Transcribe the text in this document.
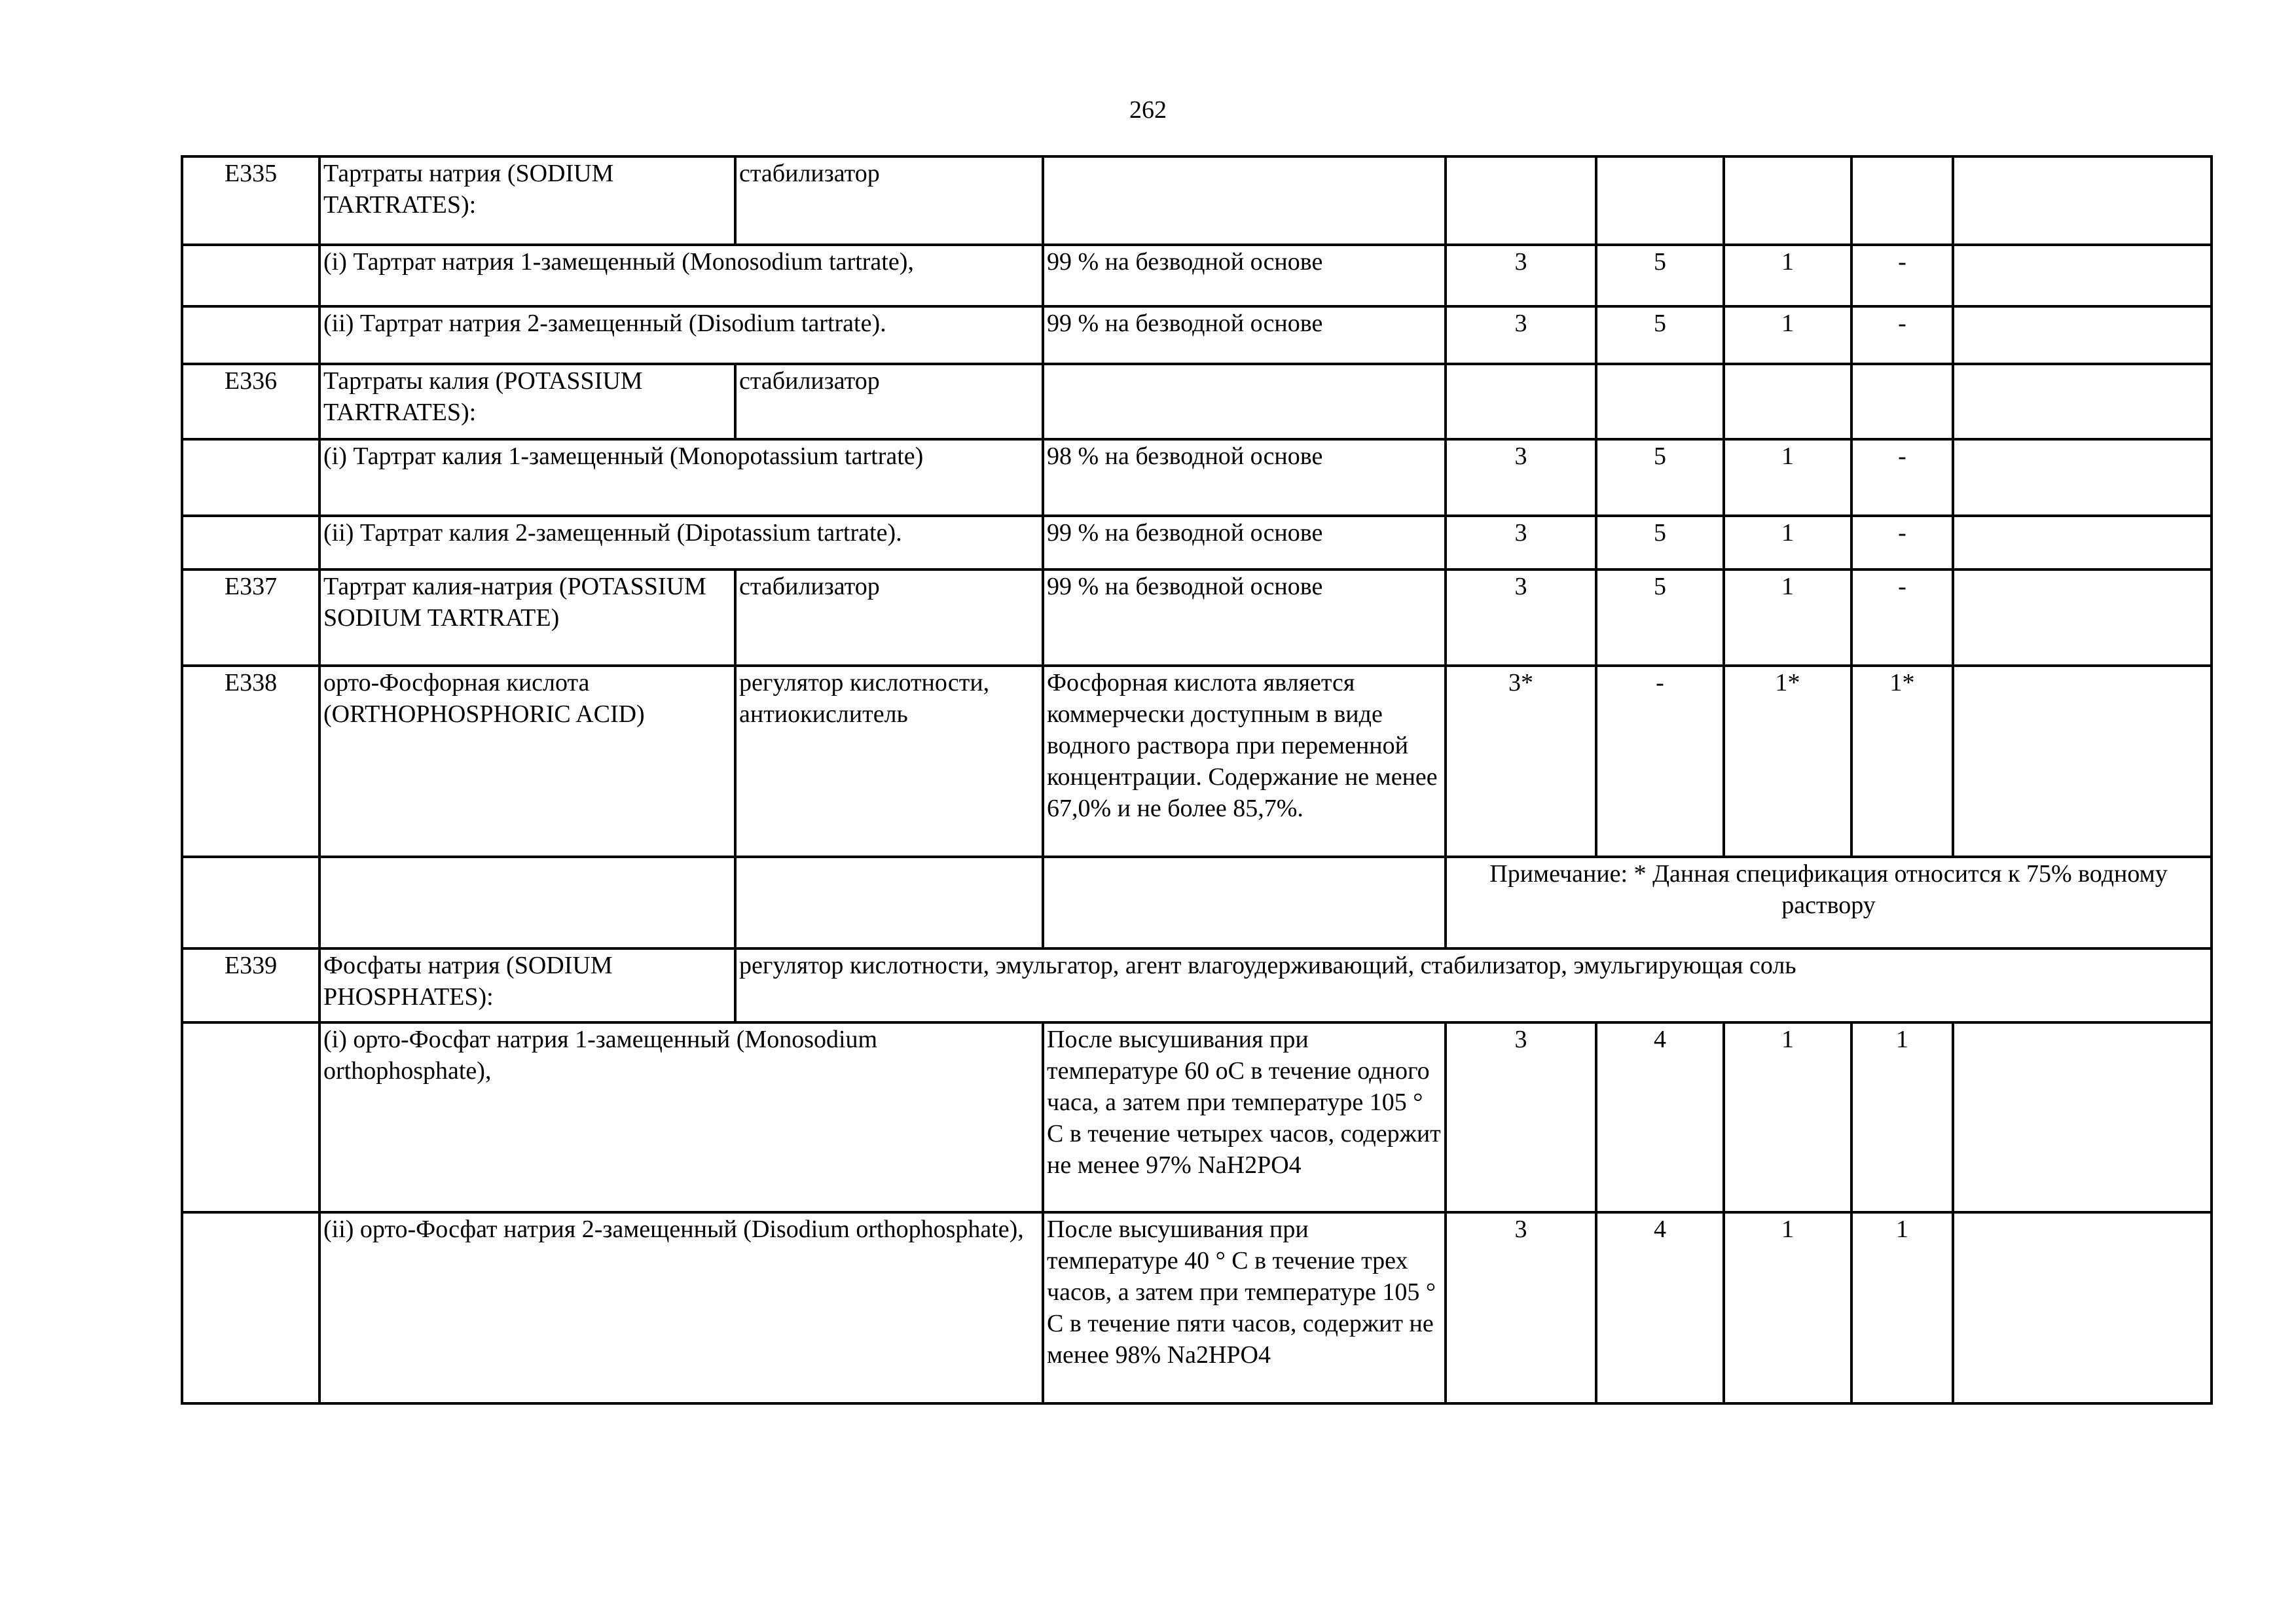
262
E335	Тартраты натрия (SODIUM TARTRATES):	стабилизатор						
	(i) Тартрат натрия 1-замещенный (Monosodium tartrate),		99 % на безводной основе	3	5	1	-	
	(ii) Тартрат натрия 2-замещенный (Disodium tartrate).		99 % на безводной основе	3	5	1	-	
E336	Тартраты калия (POTASSIUM TARTRATES):	стабилизатор						
	(i) Тартрат калия 1-замещенный (Monopotassium tartrate)		98 % на безводной основе	3	5	1	-	
	(ii) Тартрат калия 2-замещенный (Dipotassium tartrate).		99 % на безводной основе	3	5	1	-	
E337	Тартрат калия-натрия (POTASSIUM SODIUM TARTRATE)	стабилизатор	99 % на безводной основе	3	5	1	-	
E338	орто-Фосфорная кислота (ORTHOPHOSPHORIC ACID)	регулятор кислотности, антиокислитель	Фосфорная кислота является коммерчески доступным в виде водного раствора при переменной концентрации. Содержание не менее 67,0% и не более 85,7%.	3*	-	1*	1*	
				Примечание: * Данная спецификация относится к 75% водному раствору				
E339	Фосфаты натрия (SODIUM PHOSPHATES):	регулятор кислотности, эмульгатор, агент влагоудерживающий, стабилизатор, эмульгирующая соль						
	(i) орто-Фосфат натрия 1-замещенный (Monosodium orthophosphate),		После высушивания при температуре 60 оС в течение одного часа, а затем при температуре 105 ° С в течение четырех часов, содержит не менее 97% NaH2PO4	3	4	1	1	
	(ii) орто-Фосфат натрия 2-замещенный (Disodium orthophosphate),		После высушивания при температуре 40 ° С в течение трех часов, а затем при температуре 105 ° С в течение пяти часов, содержит не менее 98% Na2HPO4	3	4	1	1	
